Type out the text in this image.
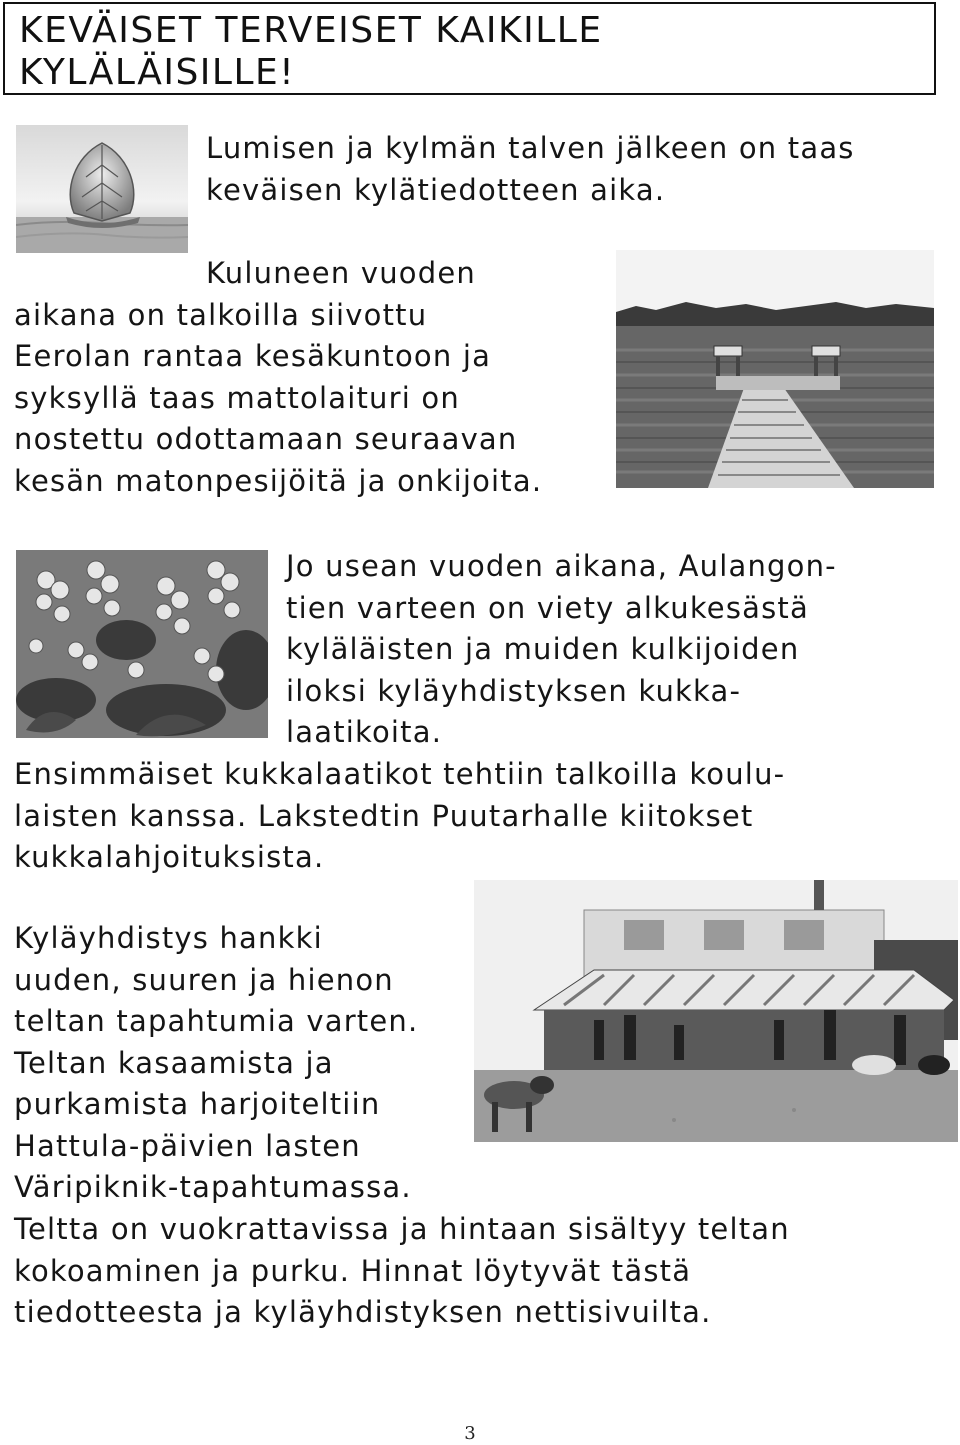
KEVÄISET TERVEISET KAIKILLE
KYLÄLÄISILLE!
Lumisen ja kylmän talven jälkeen on taas
keväisen kylätiedotteen aika.
Kuluneen vuoden
aikana on talkoilla siivottu
Eerolan rantaa kesäkuntoon ja
syksyllä taas mattolaituri on
nostettu odottamaan seuraavan
kesän matonpesijöitä ja onkijoita.
Jo usean vuoden aikana, Aulangon-
tien varteen on viety alkukesästä
kyläläisten ja muiden kulkijoiden
iloksi kyläyhdistyksen kukka-
laatikoita.
Ensimmäiset kukkalaatikot tehtiin talkoilla koulu-
laisten kanssa. Lakstedtin Puutarhalle kiitokset
kukkalahjoituksista.
Kyläyhdistys hankki
uuden, suuren ja hienon
teltan tapahtumia varten.
Teltan kasaamista ja
purkamista harjoiteltiin
Hattula-päivien lasten
Väripiknik-tapahtumassa.
Teltta on vuokrattavissa ja hintaan sisältyy teltan
kokoaminen ja purku. Hinnat löytyvät tästä
tiedotteesta ja kyläyhdistyksen nettisivuilta.
3
